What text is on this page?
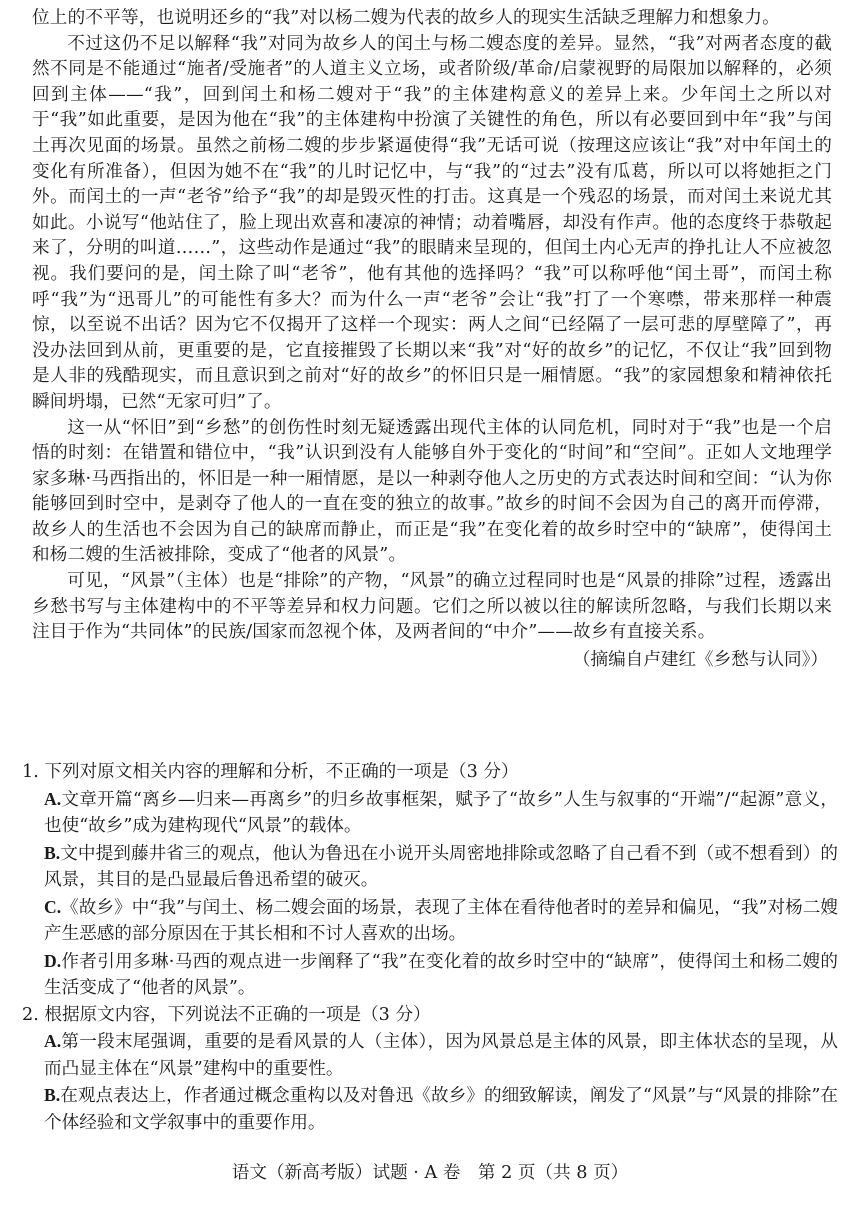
位上的不平等，也说明还乡的“我”对以杨二嫂为代表的故乡人的现实生活缺乏理解力和想象力。

不过这仍不足以解释“我”对同为故乡人的闰土与杨二嫂态度的差异。显然，“我”对两者态度的截然不同是不能通过“施者/受施者”的人道主义立场，或者阶级/革命/启蒙视野的局限加以解释的，必须回到主体——“我”，回到闰土和杨二嫂对于“我”的主体建构意义的差异上来。少年闰土之所以对于“我”如此重要，是因为他在“我”的主体建构中扮演了关键性的角色，所以有必要回到中年“我”与闰土再次见面的场景。虽然之前杨二嫂的步步紧逼使得“我”无话可说（按理这应该让“我”对中年闰土的变化有所准备），但因为她不在“我”的儿时记忆中，与“我”的“过去”没有瓜葛，所以可以将她拒之门外。而闰土的一声“老爷”给予“我”的却是毁灭性的打击。这真是一个残忍的场景，而对闰土来说尤其如此。小说写“他站住了，脸上现出欢喜和凄凉的神情；动着嘴唇，却没有作声。他的态度终于恭敬起来了，分明的叫道……”，这些动作是通过“我”的眼睛来呈现的，但闰土内心无声的挣扎让人不应被忽视。我们要问的是，闰土除了叫“老爷”，他有其他的选择吗？“我”可以称呼他“闰土哥”，而闰土称呼“我”为“迅哥儿”的可能性有多大？而为什么一声“老爷”会让“我”打了一个寒噤，带来那样一种震惊，以至说不出话？因为它不仅揭开了这样一个现实：两人之间“已经隔了一层可悲的厚壁障了”，再没办法回到从前，更重要的是，它直接摧毁了长期以来“我”对“好的故乡”的记忆，不仅让“我”回到物是人非的残酷现实，而且意识到之前对“好的故乡”的怀旧只是一厢情愿。“我”的家园想象和精神依托瞬间坍塌，已然“无家可归”了。

这一从“怀旧”到“乡愁”的创伤性时刻无疑透露出现代主体的认同危机，同时对于“我”也是一个启悟的时刻：在错置和错位中，“我”认识到没有人能够自外于变化的“时间”和“空间”。正如人文地理学家多琳·马西指出的，怀旧是一种一厢情愿，是以一种剥夺他人之历史的方式表达时间和空间：“认为你能够回到时空中，是剥夺了他人的一直在变的独立的故事。”故乡的时间不会因为自己的离开而停滞，故乡人的生活也不会因为自己的缺席而静止，而正是“我”在变化着的故乡时空中的“缺席”，使得闰土和杨二嫂的生活被排除，变成了“他者的风景”。

可见，“风景”（主体）也是“排除”的产物，“风景”的确立过程同时也是“风景的排除”过程，透露出乡愁书写与主体建构中的不平等差异和权力问题。它们之所以被以往的解读所忽略，与我们长期以来注目于作为“共同体”的民族/国家而忽视个体，及两者间的“中介”——故乡有直接关系。

（摘编自卢建红《乡愁与认同》）

1. 下列对原文相关内容的理解和分析，不正确的一项是（3 分）

A.文章开篇“离乡—归来—再离乡”的归乡故事框架，赋予了“故乡”人生与叙事的“开端”/“起源”意义，也使“故乡”成为建构现代“风景”的载体。

B.文中提到藤井省三的观点，他认为鲁迅在小说开头周密地排除或忽略了自己看不到（或不想看到）的风景，其目的是凸显最后鲁迅希望的破灭。

C.《故乡》中“我”与闰土、杨二嫂会面的场景，表现了主体在看待他者时的差异和偏见，“我”对杨二嫂产生恶感的部分原因在于其长相和不讨人喜欢的出场。

D.作者引用多琳·马西的观点进一步阐释了“我”在变化着的故乡时空中的“缺席”，使得闰土和杨二嫂的生活变成了“他者的风景”。

2. 根据原文内容，下列说法不正确的一项是（3 分）

A.第一段末尾强调，重要的是看风景的人（主体），因为风景总是主体的风景，即主体状态的呈现，从而凸显主体在“风景”建构中的重要性。

B.在观点表达上，作者通过概念重构以及对鲁迅《故乡》的细致解读，阐发了“风景”与“风景的排除”在个体经验和文学叙事中的重要作用。

语文（新高考版）试题 · A 卷　第 2 页（共 8 页）
